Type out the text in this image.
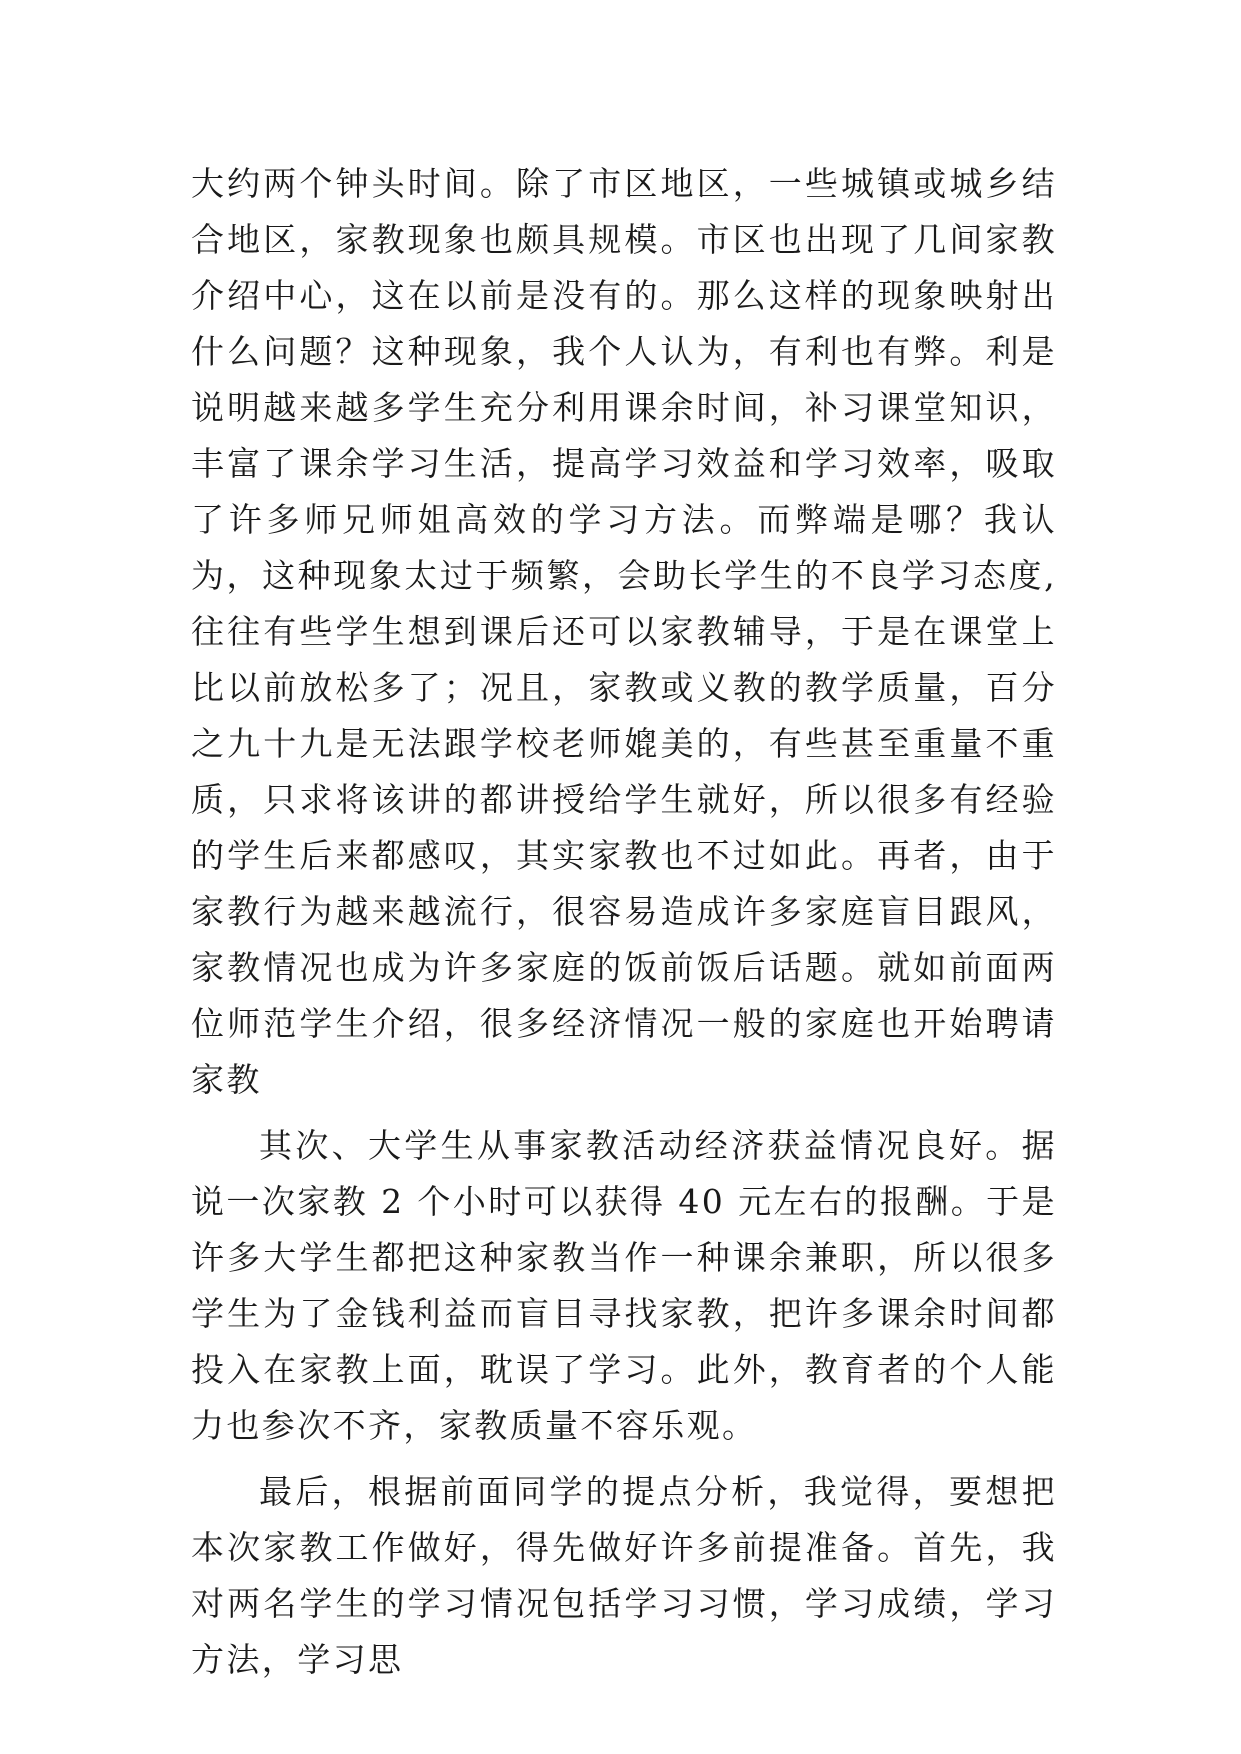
大约两个钟头时间。除了市区地区，一些城镇或城乡结合地区，家教现象也颇具规模。市区也出现了几间家教介绍中心，这在以前是没有的。那么这样的现象映射出什么问题？这种现象，我个人认为，有利也有弊。利是说明越来越多学生充分利用课余时间，补习课堂知识，丰富了课余学习生活，提高学习效益和学习效率，吸取了许多师兄师姐高效的学习方法。而弊端是哪？我认为，这种现象太过于频繁，会助长学生的不良学习态度,往往有些学生想到课后还可以家教辅导，于是在课堂上比以前放松多了；况且，家教或义教的教学质量，百分之九十九是无法跟学校老师媲美的，有些甚至重量不重质，只求将该讲的都讲授给学生就好，所以很多有经验的学生后来都感叹，其实家教也不过如此。再者，由于家教行为越来越流行，很容易造成许多家庭盲目跟风，家教情况也成为许多家庭的饭前饭后话题。就如前面两位师范学生介绍，很多经济情况一般的家庭也开始聘请家教

其次、大学生从事家教活动经济获益情况良好。据说一次家教 2 个小时可以获得 40 元左右的报酬。于是许多大学生都把这种家教当作一种课余兼职，所以很多学生为了金钱利益而盲目寻找家教，把许多课余时间都投入在家教上面，耽误了学习。此外，教育者的个人能力也参次不齐，家教质量不容乐观。

最后，根据前面同学的提点分析，我觉得，要想把本次家教工作做好，得先做好许多前提准备。首先，我对两名学生的学习情况包括学习习惯，学习成绩，学习方法，学习思
